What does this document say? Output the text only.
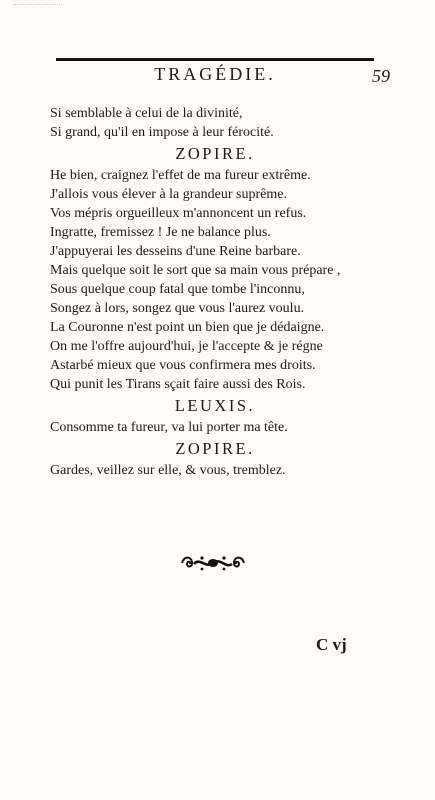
TRAGÉDIE.	59
Si semblable à celui de la divinité,
Si grand, qu'il en impose à leur férocité.
ZOPIRE.
He bien, craignez l'effet de ma fureur extrême.
J'allois vous élever à la grandeur suprême.
Vos mépris orgueilleux m'annoncent un refus.
Ingratte, fremissez ! Je ne balance plus.
J'appuyerai les desseins d'une Reine barbare.
Mais quelque soit le sort que sa main vous prépare ,
Sous quelque coup fatal que tombe l'inconnu,
Songez à lors, songez que vous l'aurez voulu.
La Couronne n'est point un bien que je dédaigne.
On me l'offre aujourd'hui, je l'accepte & je régne
Astarbé mieux que vous confirmera mes droits.
Qui punit les Tirans sçait faire aussi des Rois.
LEUXIS.
Consomme ta fureur, va lui porter ma tête.
ZOPIRE.
Gardes, veillez sur elle, & vous, tremblez.
C vj
